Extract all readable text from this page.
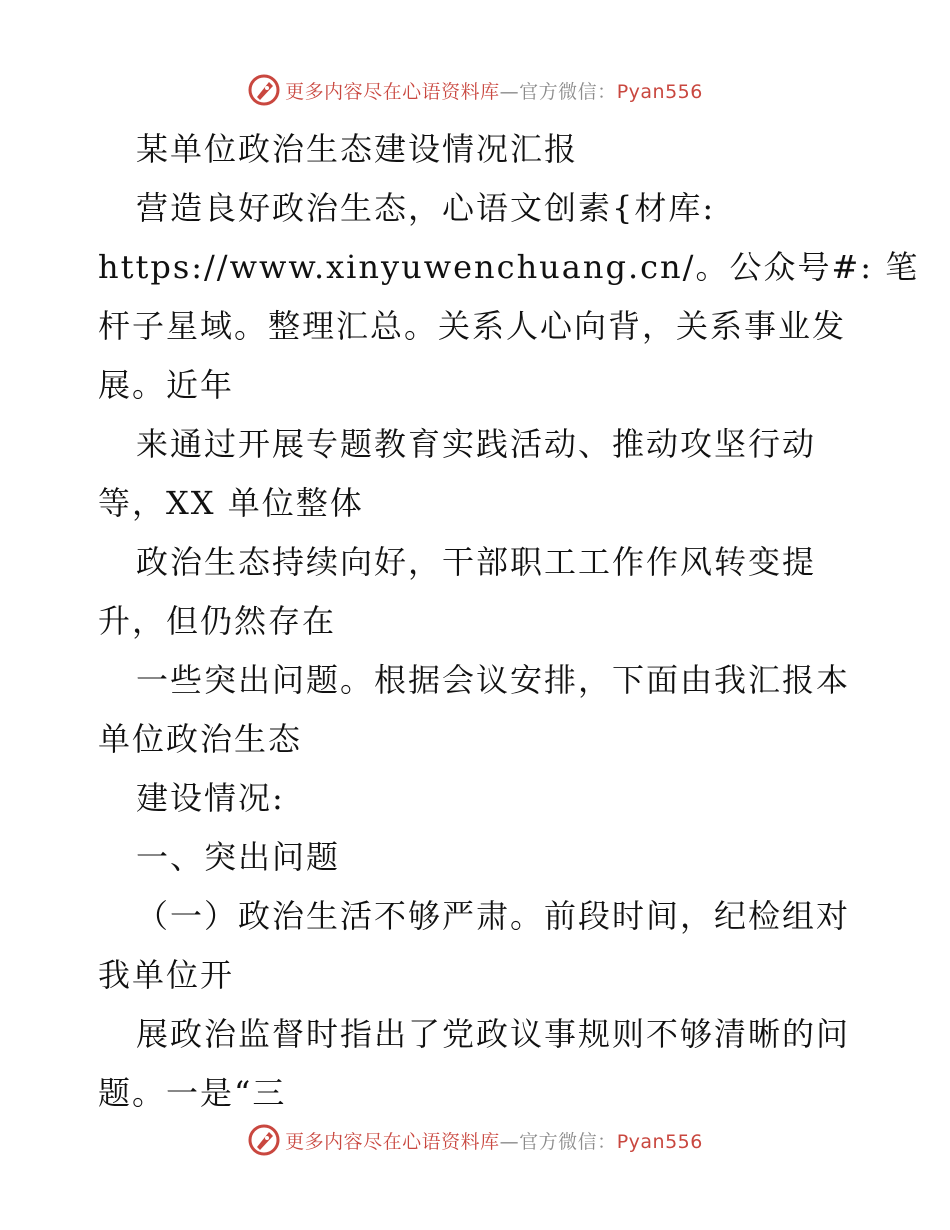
更多内容尽在心语资料库—官方微信：Pyan556
某单位政治生态建设情况汇报
营造良好政治生态，心语文创素{材库:
https://www.xinyuwenchuang.cn/。公众号#: 笔
杆子星域。整理汇总。关系人心向背，关系事业发
展。近年
来通过开展专题教育实践活动、推动攻坚行动
等，XX 单位整体
政治生态持续向好，干部职工工作作风转变提
升，但仍然存在
一些突出问题。根据会议安排，下面由我汇报本
单位政治生态
建设情况:
一、突出问题
（一）政治生活不够严肃。前段时间，纪检组对
我单位开
展政治监督时指出了党政议事规则不够清晰的问
题。一是“三
更多内容尽在心语资料库—官方微信：Pyan556
